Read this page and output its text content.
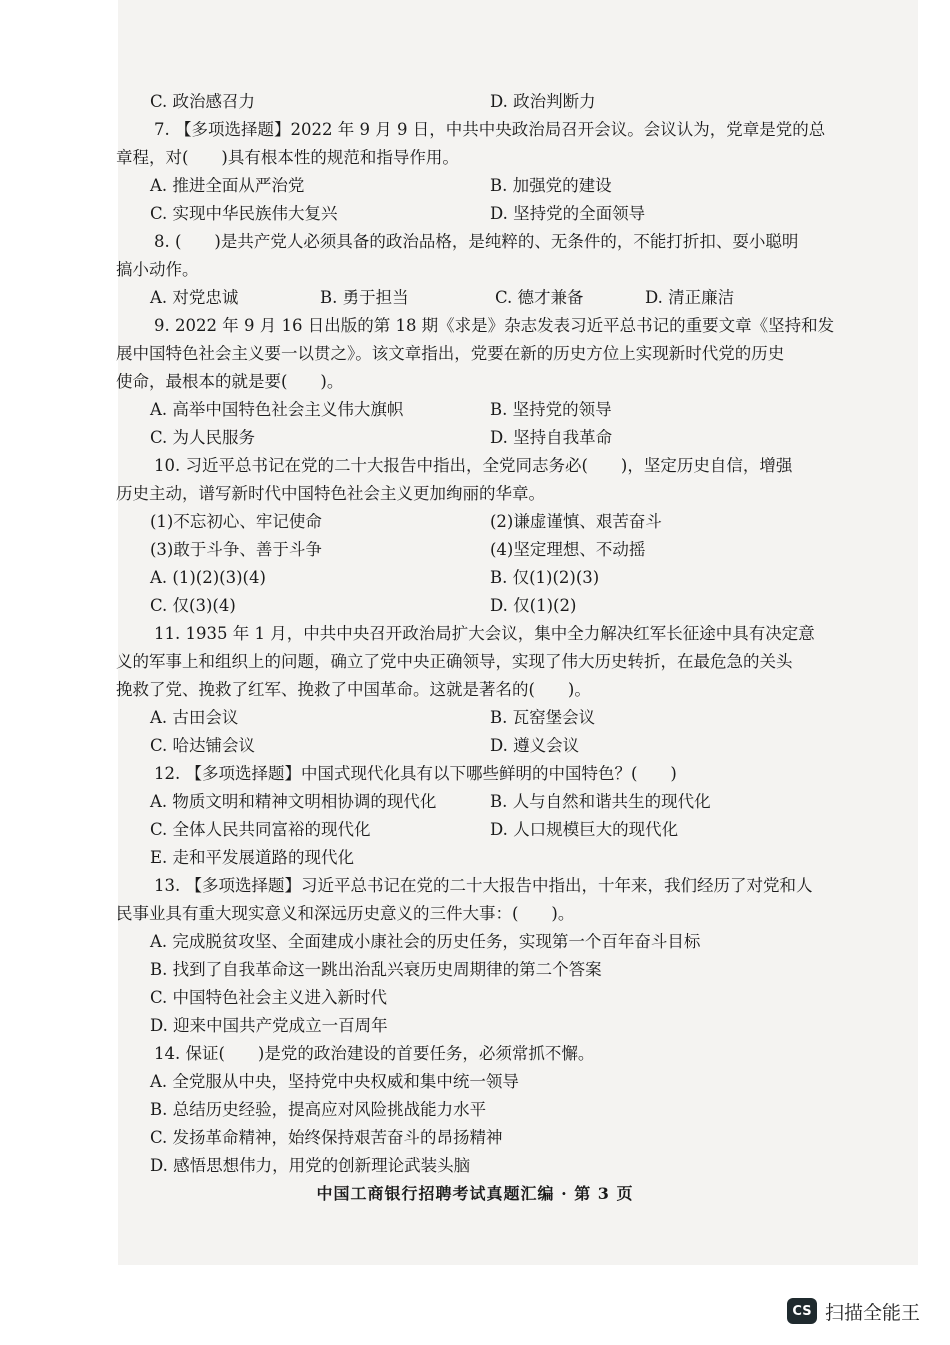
C. 政治感召力	D. 政治判断力
7. 【多项选择题】2022 年 9 月 9 日，中共中央政治局召开会议。会议认为，党章是党的总
章程，对(　　)具有根本性的规范和指导作用。
A. 推进全面从严治党	B. 加强党的建设
C. 实现中华民族伟大复兴	D. 坚持党的全面领导
8. (　　)是共产党人必须具备的政治品格，是纯粹的、无条件的，不能打折扣、耍小聪明
搞小动作。
A. 对党忠诚	B. 勇于担当	C. 德才兼备	D. 清正廉洁
9. 2022 年 9 月 16 日出版的第 18 期《求是》杂志发表习近平总书记的重要文章《坚持和发
展中国特色社会主义要一以贯之》。该文章指出，党要在新的历史方位上实现新时代党的历史
使命，最根本的就是要(　　)。
A. 高举中国特色社会主义伟大旗帜	B. 坚持党的领导
C. 为人民服务	D. 坚持自我革命
10. 习近平总书记在党的二十大报告中指出，全党同志务必(　　)，坚定历史自信，增强
历史主动，谱写新时代中国特色社会主义更加绚丽的华章。
(1)不忘初心、牢记使命	(2)谦虚谨慎、艰苦奋斗
(3)敢于斗争、善于斗争	(4)坚定理想、不动摇
A. (1)(2)(3)(4)	B. 仅(1)(2)(3)
C. 仅(3)(4)	D. 仅(1)(2)
11. 1935 年 1 月，中共中央召开政治局扩大会议，集中全力解决红军长征途中具有决定意
义的军事上和组织上的问题，确立了党中央正确领导，实现了伟大历史转折，在最危急的关头
挽救了党、挽救了红军、挽救了中国革命。这就是著名的(　　)。
A. 古田会议	B. 瓦窑堡会议
C. 哈达铺会议	D. 遵义会议
12. 【多项选择题】中国式现代化具有以下哪些鲜明的中国特色？(　　)
A. 物质文明和精神文明相协调的现代化	B. 人与自然和谐共生的现代化
C. 全体人民共同富裕的现代化	D. 人口规模巨大的现代化
E. 走和平发展道路的现代化
13. 【多项选择题】习近平总书记在党的二十大报告中指出，十年来，我们经历了对党和人
民事业具有重大现实意义和深远历史意义的三件大事：(　　)。
A. 完成脱贫攻坚、全面建成小康社会的历史任务，实现第一个百年奋斗目标
B. 找到了自我革命这一跳出治乱兴衰历史周期律的第二个答案
C. 中国特色社会主义进入新时代
D. 迎来中国共产党成立一百周年
14. 保证(　　)是党的政治建设的首要任务，必须常抓不懈。
A. 全党服从中央，坚持党中央权威和集中统一领导
B. 总结历史经验，提高应对风险挑战能力水平
C. 发扬革命精神，始终保持艰苦奋斗的昂扬精神
D. 感悟思想伟力，用党的创新理论武装头脑
中国工商银行招聘考试真题汇编 · 第 3 页
CS 扫描全能王
